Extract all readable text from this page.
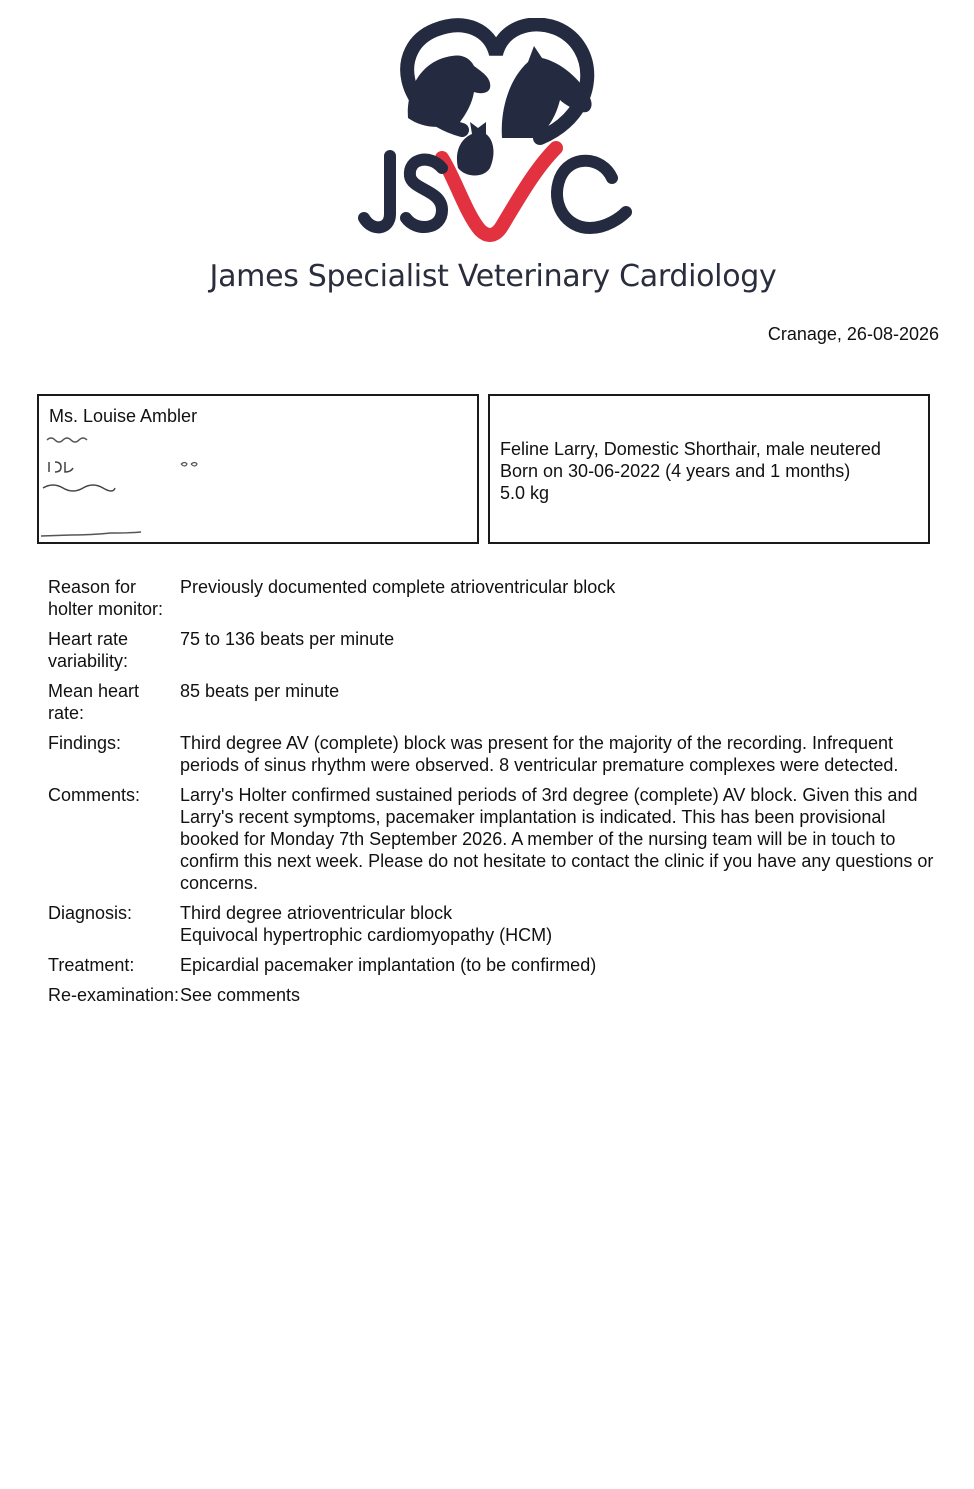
James Specialist Veterinary Cardiology
Cranage, 26-08-2026
Ms. Louise Ambler
Feline Larry, Domestic Shorthair, male neutered
Born on 30-06-2022 (4 years and 1 months)
5.0 kg
Reason for holter monitor:
Previously documented complete atrioventricular block
Heart rate variability:
75 to 136 beats per minute
Mean heart rate:
85 beats per minute
Findings:	Third degree AV (complete) block was present for the majority of the recording. Infrequent periods of sinus rhythm were observed. 8 ventricular premature complexes were detected.
Comments:	Larry's Holter confirmed sustained periods of 3rd degree (complete) AV block. Given this and Larry's recent symptoms, pacemaker implantation is indicated. This has been provisional booked for Monday 7th September 2026. A member of the nursing team will be in touch to confirm this next week. Please do not hesitate to contact the clinic if you have any questions or concerns.
Diagnosis:	Third degree atrioventricular block
Equivocal hypertrophic cardiomyopathy (HCM)
Treatment:	Epicardial pacemaker implantation (to be confirmed)
Re-examination: See comments
